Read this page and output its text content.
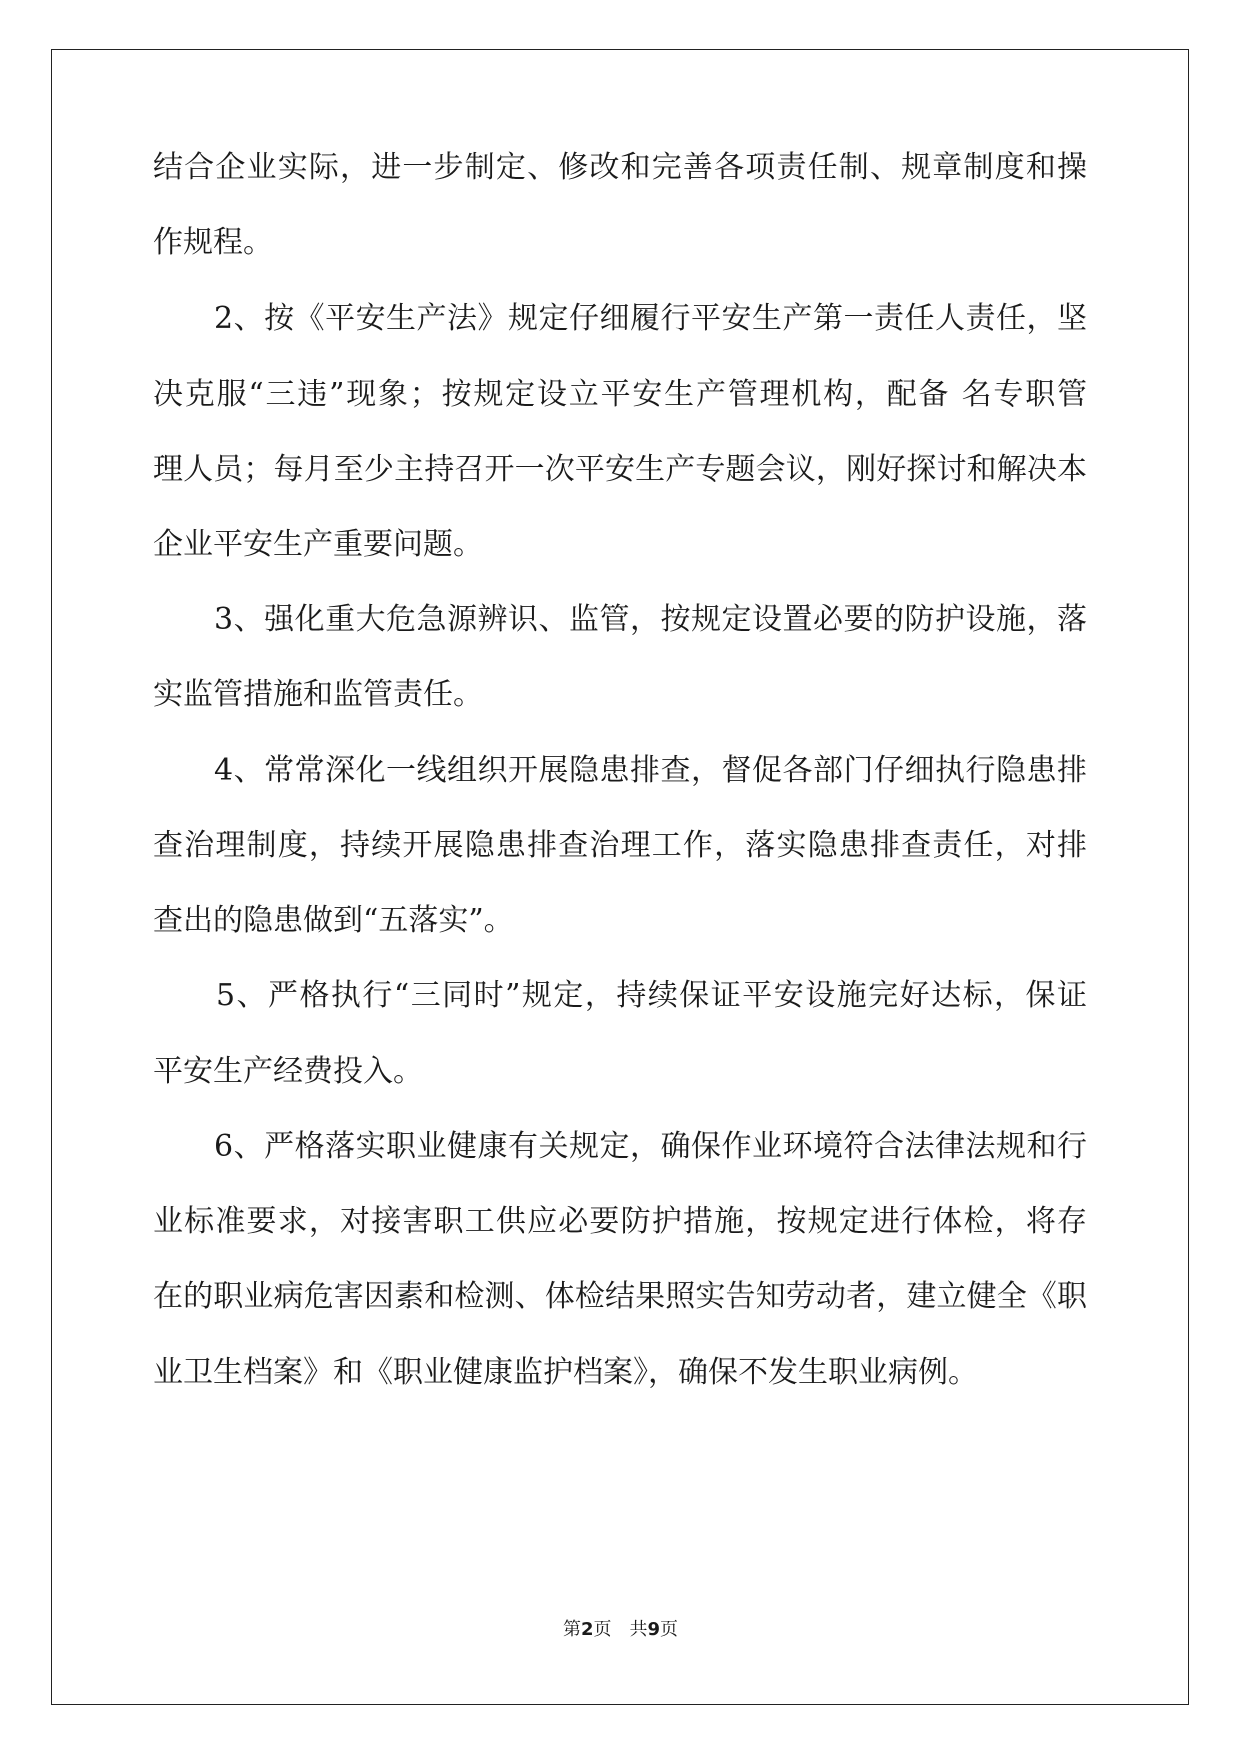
结合企业实际，进一步制定、修改和完善各项责任制、规章制度和操
作规程。
　　2、按《平安生产法》规定仔细履行平安生产第一责任人责任，坚
决克服“三违”现象；按规定设立平安生产管理机构，配备 名专职管
理人员；每月至少主持召开一次平安生产专题会议，刚好探讨和解决本
企业平安生产重要问题。
　　3、强化重大危急源辨识、监管，按规定设置必要的防护设施，落
实监管措施和监管责任。
　　4、常常深化一线组织开展隐患排查，督促各部门仔细执行隐患排
查治理制度，持续开展隐患排查治理工作，落实隐患排查责任，对排
查出的隐患做到“五落实”。
　　5、严格执行“三同时”规定，持续保证平安设施完好达标，保证
平安生产经费投入。
　　6、严格落实职业健康有关规定，确保作业环境符合法律法规和行
业标准要求，对接害职工供应必要防护措施，按规定进行体检，将存
在的职业病危害因素和检测、体检结果照实告知劳动者，建立健全《职
业卫生档案》和《职业健康监护档案》，确保不发生职业病例。
第2页　共9页
